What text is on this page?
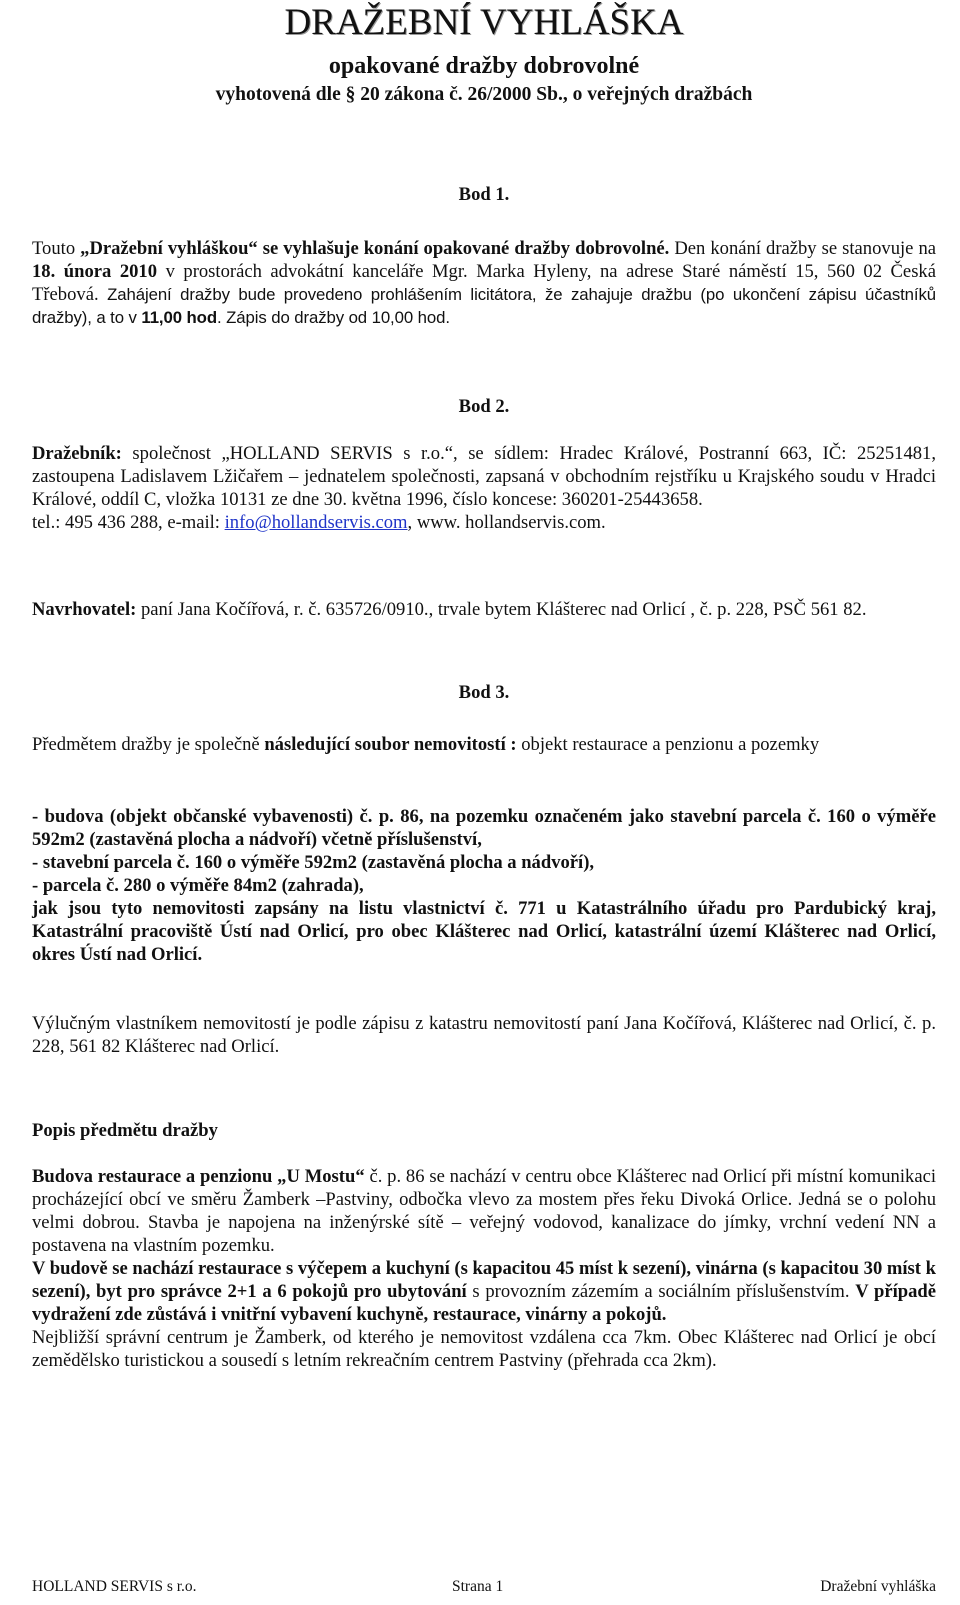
DRAŽEBNÍ VYHLÁŠKA
opakované dražby dobrovolné
vyhotovená dle § 20 zákona č. 26/2000 Sb., o veřejných dražbách

Bod 1.

Touto „Dražební vyhláškou“ se vyhlašuje konání opakované dražby dobrovolné. Den konání dražby se stanovuje na 18. února 2010 v prostorách advokátní kanceláře Mgr. Marka Hyleny, na adrese Staré náměstí 15, 560 02 Česká Třebová. Zahájení dražby bude provedeno prohlášením licitátora, že zahajuje dražbu (po ukončení zápisu účastníků dražby), a to v 11,00 hod. Zápis do dražby od 10,00 hod.

Bod 2.

Dražebník: společnost „HOLLAND SERVIS s r.o.“, se sídlem: Hradec Králové, Postranní 663, IČ: 25251481, zastoupena Ladislavem Lžičařem – jednatelem společnosti, zapsaná v obchodním rejstříku u Krajského soudu v Hradci Králové, oddíl C, vložka 10131 ze dne 30. května 1996, číslo koncese: 360201-25443658.

tel.: 495 436 288, e-mail: info@hollandservis.com, www. hollandservis.com.

Navrhovatel: paní Jana Kočířová, r. č. 635726/0910., trvale bytem Klášterec nad Orlicí , č. p. 228, PSČ 561 82.

Bod 3.

Předmětem dražby je společně následující soubor nemovitostí : objekt restaurace a penzionu a pozemky

- budova (objekt občanské vybavenosti) č. p. 86, na pozemku označeném jako stavební parcela č. 160 o výměře 592m2 (zastavěná plocha a nádvoří) včetně příslušenství,

- stavební parcela č. 160 o výměře 592m2 (zastavěná plocha a nádvoří),

- parcela č. 280 o výměře 84m2 (zahrada),

jak jsou tyto nemovitosti zapsány na listu vlastnictví č. 771 u Katastrálního úřadu pro Pardubický kraj, Katastrální pracoviště Ústí nad Orlicí, pro obec Klášterec nad Orlicí, katastrální území Klášterec nad Orlicí, okres Ústí nad Orlicí.

Výlučným vlastníkem nemovitostí je podle zápisu z katastru nemovitostí paní Jana Kočířová, Klášterec nad Orlicí, č. p. 228, 561 82 Klášterec nad Orlicí.

Popis předmětu dražby

Budova restaurace a penzionu „U Mostu“ č. p. 86 se nachází v centru obce Klášterec nad Orlicí při místní komunikaci procházející obcí ve směru Žamberk –Pastviny, odbočka vlevo za mostem přes řeku Divoká Orlice. Jedná se o polohu velmi dobrou. Stavba je napojena na inženýrské sítě – veřejný vodovod, kanalizace do jímky, vrchní vedení NN a postavena na vlastním pozemku.

V budově se nachází restaurace s výčepem a kuchyní (s kapacitou 45 míst k sezení), vinárna (s kapacitou 30 míst k sezení), byt pro správce 2+1 a 6 pokojů pro ubytování s provozním zázemím a sociálním příslušenstvím. V případě vydražení zde zůstává i vnitřní vybavení kuchyně, restaurace, vinárny a pokojů.

Nejbližší správní centrum je Žamberk, od kterého je nemovitost vzdálena cca 7km. Obec Klášterec nad Orlicí je obcí zemědělsko turistickou a sousedí s letním rekreačním centrem Pastviny (přehrada cca 2km).

HOLLAND SERVIS s r.o.	Strana 1	Dražební vyhláška
